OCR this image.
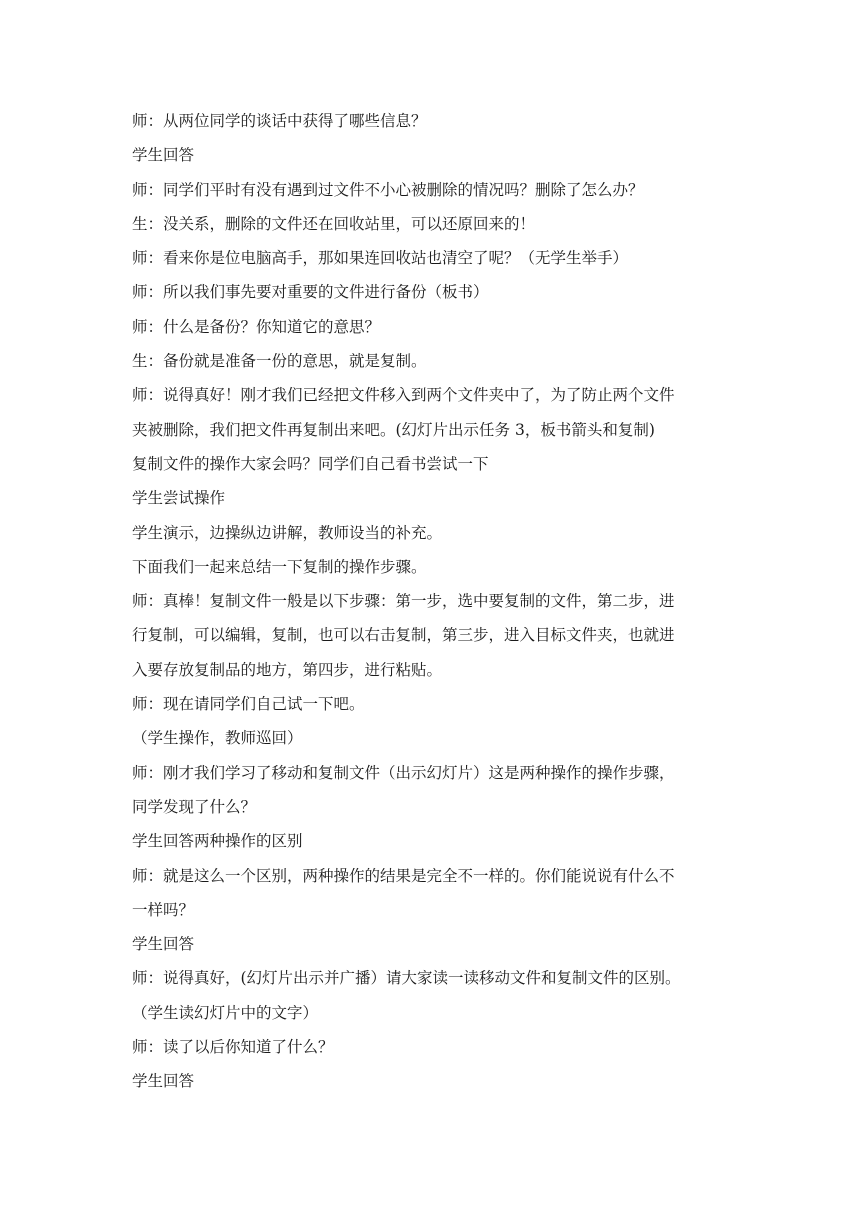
师：从两位同学的谈话中获得了哪些信息？
学生回答
师：同学们平时有没有遇到过文件不小心被删除的情况吗？删除了怎么办？
生：没关系，删除的文件还在回收站里，可以还原回来的！
师：看来你是位电脑高手，那如果连回收站也清空了呢？（无学生举手）
师：所以我们事先要对重要的文件进行备份（板书）
师：什么是备份？你知道它的意思？
生：备份就是准备一份的意思，就是复制。
师：说得真好！刚才我们已经把文件移入到两个文件夹中了，为了防止两个文件
夹被删除，我们把文件再复制出来吧。(幻灯片出示任务 3，板书箭头和复制)
复制文件的操作大家会吗？同学们自己看书尝试一下
学生尝试操作
学生演示，边操纵边讲解，教师设当的补充。
下面我们一起来总结一下复制的操作步骤。
师：真棒！复制文件一般是以下步骤：第一步，选中要复制的文件，第二步，进
行复制，可以编辑，复制，也可以右击复制，第三步，进入目标文件夹，也就进
入要存放复制品的地方，第四步，进行粘贴。
师：现在请同学们自己试一下吧。
（学生操作，教师巡回）
师：刚才我们学习了移动和复制文件（出示幻灯片）这是两种操作的操作步骤，
同学发现了什么？
学生回答两种操作的区别
师：就是这么一个区别，两种操作的结果是完全不一样的。你们能说说有什么不
一样吗？
学生回答
师：说得真好，(幻灯片出示并广播）请大家读一读移动文件和复制文件的区别。
（学生读幻灯片中的文字）
师：读了以后你知道了什么？
学生回答
